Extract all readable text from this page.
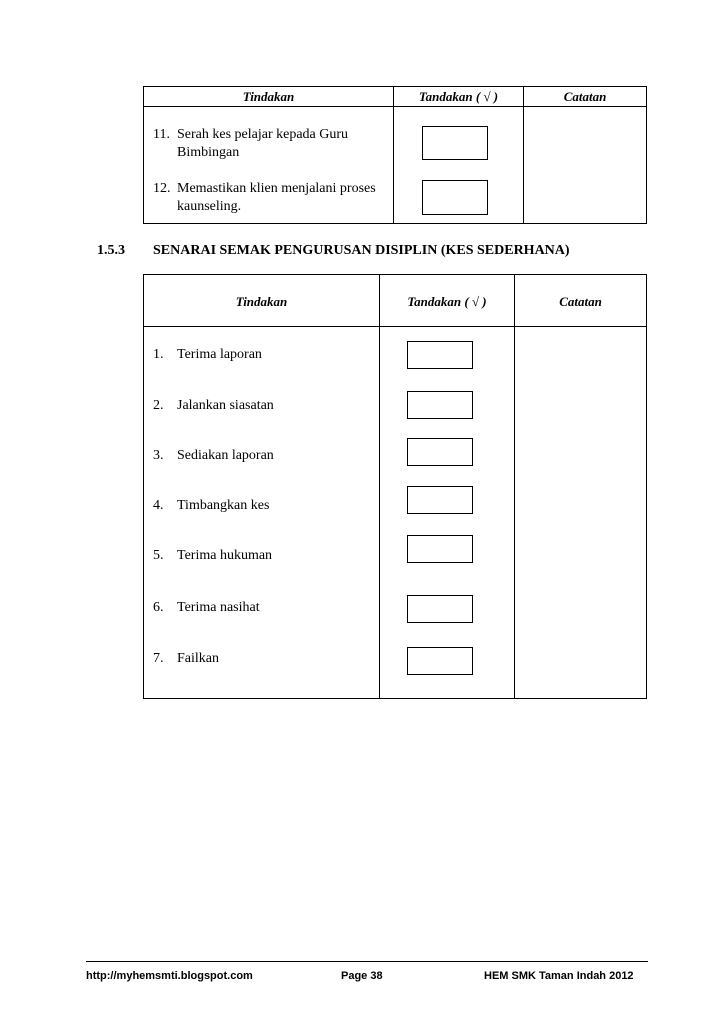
Tindakan	Tandakan ( √ )	Catatan
11. Serah kes pelajar kepada Guru
Bimbingan
12. Memastikan klien menjalani proses
kaunseling.
1.5.3 SENARAI SEMAK PENGURUSAN DISIPLIN (KES SEDERHANA)
Tindakan	Tandakan ( √ )	Catatan
1. Terima laporan
2. Jalankan siasatan
3. Sediakan laporan
4. Timbangkan kes
5. Terima hukuman
6. Terima nasihat
7. Failkan
http://myhemsmti.blogspot.com	Page 38	HEM SMK Taman Indah 2012
